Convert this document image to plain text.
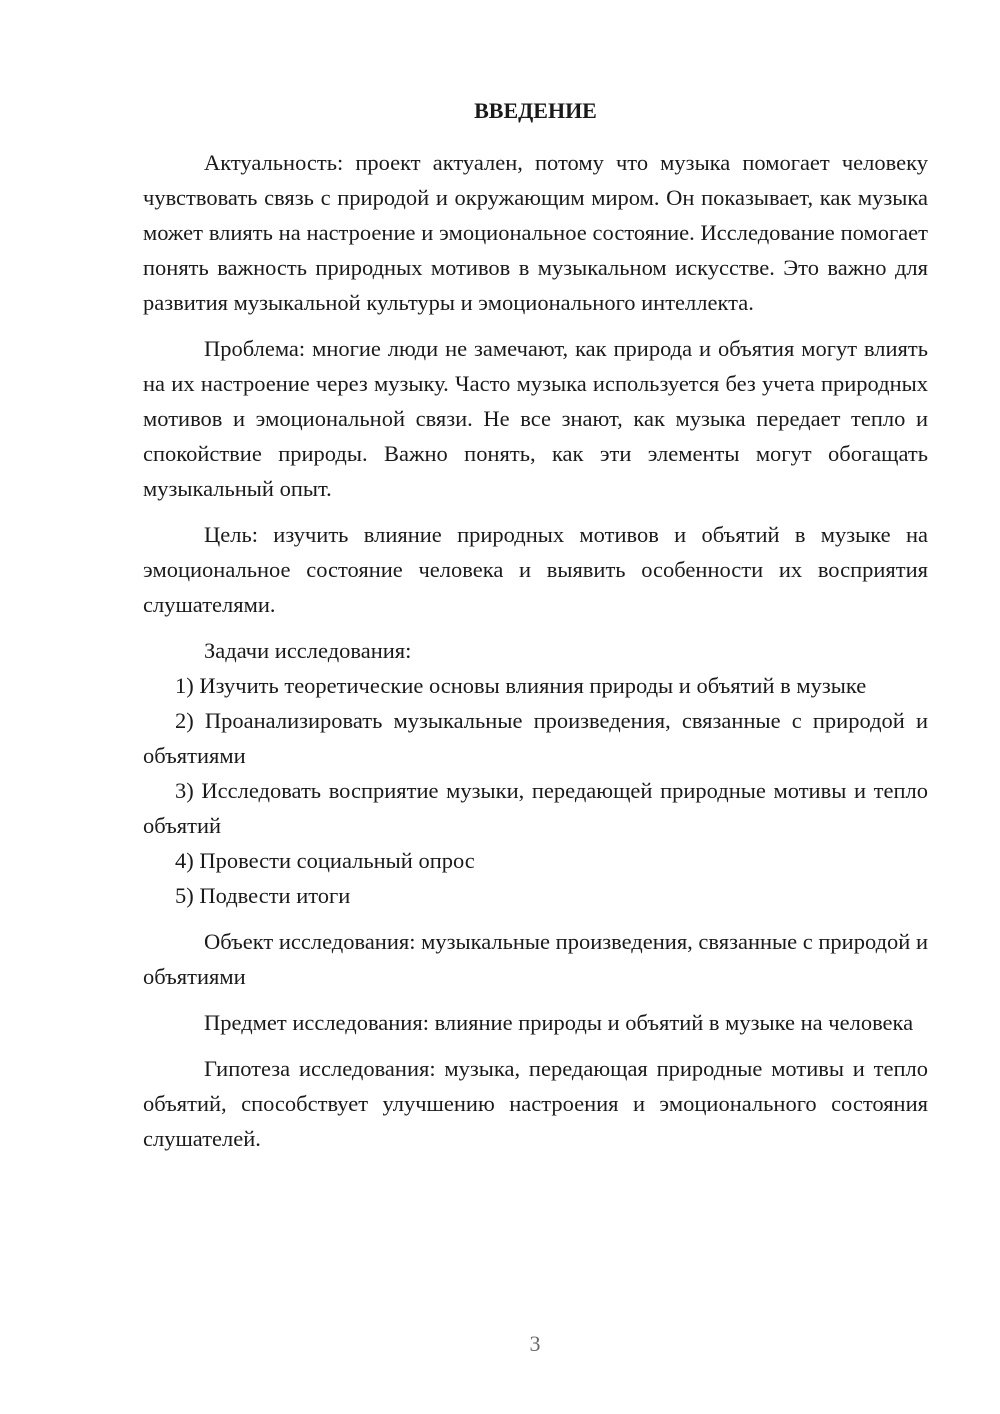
ВВЕДЕНИЕ

Актуальность: проект актуален, потому что музыка помогает человеку чувствовать связь с природой и окружающим миром. Он показывает, как музыка может влиять на настроение и эмоциональное состояние. Исследование помогает понять важность природных мотивов в музыкальном искусстве. Это важно для развития музыкальной культуры и эмоционального интеллекта.

Проблема: многие люди не замечают, как природа и объятия могут влиять на их настроение через музыку. Часто музыка используется без учета природных мотивов и эмоциональной связи. Не все знают, как музыка передает тепло и спокойствие природы. Важно понять, как эти элементы могут обогащать музыкальный опыт.

Цель: изучить влияние природных мотивов и объятий в музыке на эмоциональное состояние человека и выявить особенности их восприятия слушателями.

Задачи исследования:

1) Изучить теоретические основы влияния природы и объятий в музыке

2) Проанализировать музыкальные произведения, связанные с природой и объятиями

3) Исследовать восприятие музыки, передающей природные мотивы и тепло объятий

4) Провести социальный опрос

5) Подвести итоги

Объект исследования: музыкальные произведения, связанные с природой и объятиями

Предмет исследования: влияние природы и объятий в музыке на человека

Гипотеза исследования: музыка, передающая природные мотивы и тепло объятий, способствует улучшению настроения и эмоционального состояния слушателей.

3
